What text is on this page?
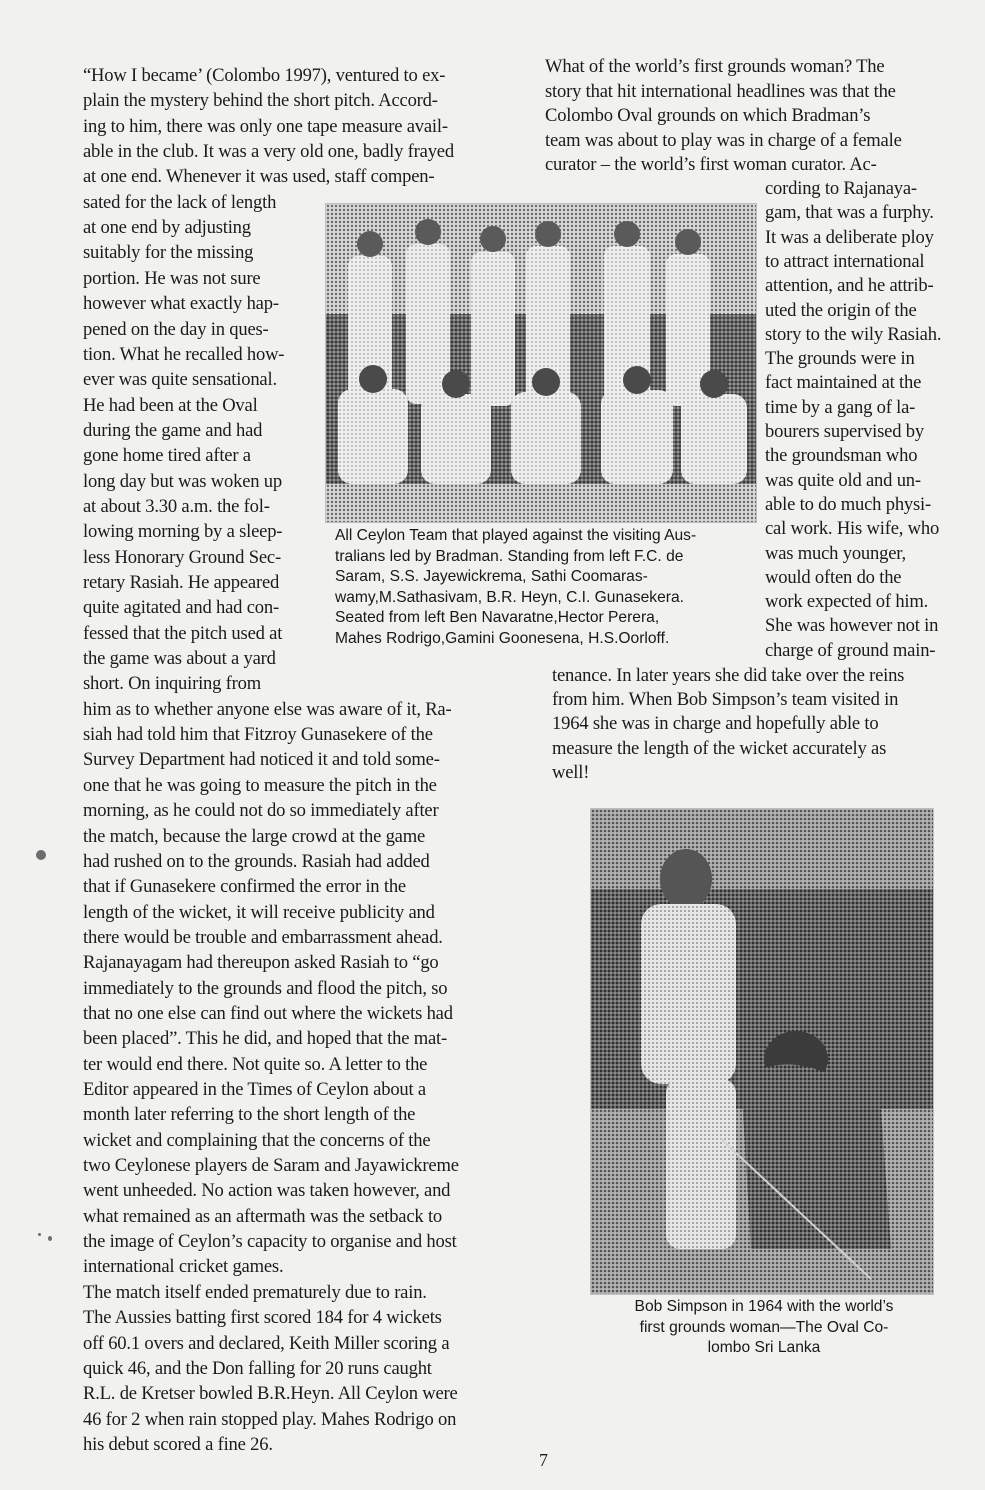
“How I became’ (Colombo 1997), ventured to ex-
plain the mystery behind the short pitch. Accord-
ing to him, there was only one tape measure avail-
able in the club. It was a very old one, badly frayed
at one end. Whenever it was used, staff compen-
sated for the lack of length
at one end by adjusting
suitably for the missing
portion. He was not sure
however what exactly hap-
pened on the day in ques-
tion. What he recalled how-
ever was quite sensational.
He had been at the Oval
during the game and had
gone home tired after a
long day but was woken up
at about 3.30 a.m. the fol-
lowing morning by a sleep-
less Honorary Ground Sec-
retary Rasiah. He appeared
quite agitated and had con-
fessed that the pitch used at
the game was about a yard
short. On inquiring from
him as to whether anyone else was aware of it, Ra-
siah had told him that Fitzroy Gunasekere of the
Survey Department had noticed it and told some-
one that he was going to measure the pitch in the
morning, as he could not do so immediately after
the match, because the large crowd at the game
had rushed on to the grounds. Rasiah had added
that if Gunasekere confirmed the error in the
length of the wicket, it will receive publicity and
there would be trouble and embarrassment ahead.
Rajanayagam had thereupon asked Rasiah to “go
immediately to the grounds and flood the pitch, so
that no one else can find out where the wickets had
been placed”. This he did, and hoped that the mat-
ter would end there. Not quite so. A letter to the
Editor appeared in the Times of Ceylon about a
month later referring to the short length of the
wicket and complaining that the concerns of the
two Ceylonese players de Saram and Jayawickreme
went unheeded. No action was taken however, and
what remained as an aftermath was the setback to
the image of Ceylon’s capacity to organise and host
international cricket games.
The match itself ended prematurely due to rain.
The Aussies batting first scored 184 for 4 wickets
off 60.1 overs and declared, Keith Miller scoring a
quick 46, and the Don falling for 20 runs caught
R.L. de Kretser bowled B.R.Heyn. All Ceylon were
46 for 2 when rain stopped play. Mahes Rodrigo on
his debut scored a fine 26.
What of the world’s first grounds woman? The
story that hit international headlines was that the
Colombo Oval grounds on which Bradman’s
team was about to play was in charge of a female
curator – the world’s first woman curator. Ac-
cording to Rajanaya-
gam, that was a furphy.
It was a deliberate ploy
to attract international
attention, and he attrib-
uted the origin of the
story to the wily Rasiah.
The grounds were in
fact maintained at the
time by a gang of la-
bourers supervised by
the groundsman who
was quite old and un-
able to do much physi-
cal work. His wife, who
was much younger,
would often do the
work expected of him.
She was however not in
charge of ground main-
tenance. In later years she did take over the reins
from him. When Bob Simpson’s team visited in
1964 she was in charge and hopefully able to
measure the length of the wicket accurately as
well!
All Ceylon Team that played against the visiting Aus-
tralians led by Bradman. Standing from left F.C. de
Saram, S.S. Jayewickrema, Sathi Coomaras-
wamy,M.Sathasivam, B.R. Heyn, C.I. Gunasekera.
Seated from left Ben Navaratne,Hector Perera,
Mahes Rodrigo,Gamini Goonesena, H.S.Oorloff.
Bob Simpson in 1964 with the world’s
first grounds woman—The Oval Co-
lombo Sri Lanka
7
